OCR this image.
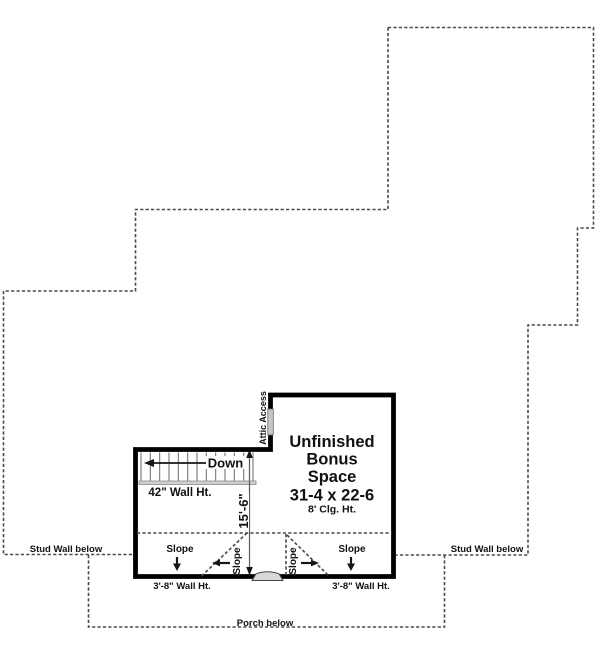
Down
42" Wall Ht.
15'-6"
Attic Access Unfinished
Bonus
Space
31-4 x 22-6
8' Clg. Ht.
Slope	Slope	Slope	Slope
3'-8" Wall Ht.	3'-8" Wall Ht.
Stud Wall below	Stud Wall below
Porch below
